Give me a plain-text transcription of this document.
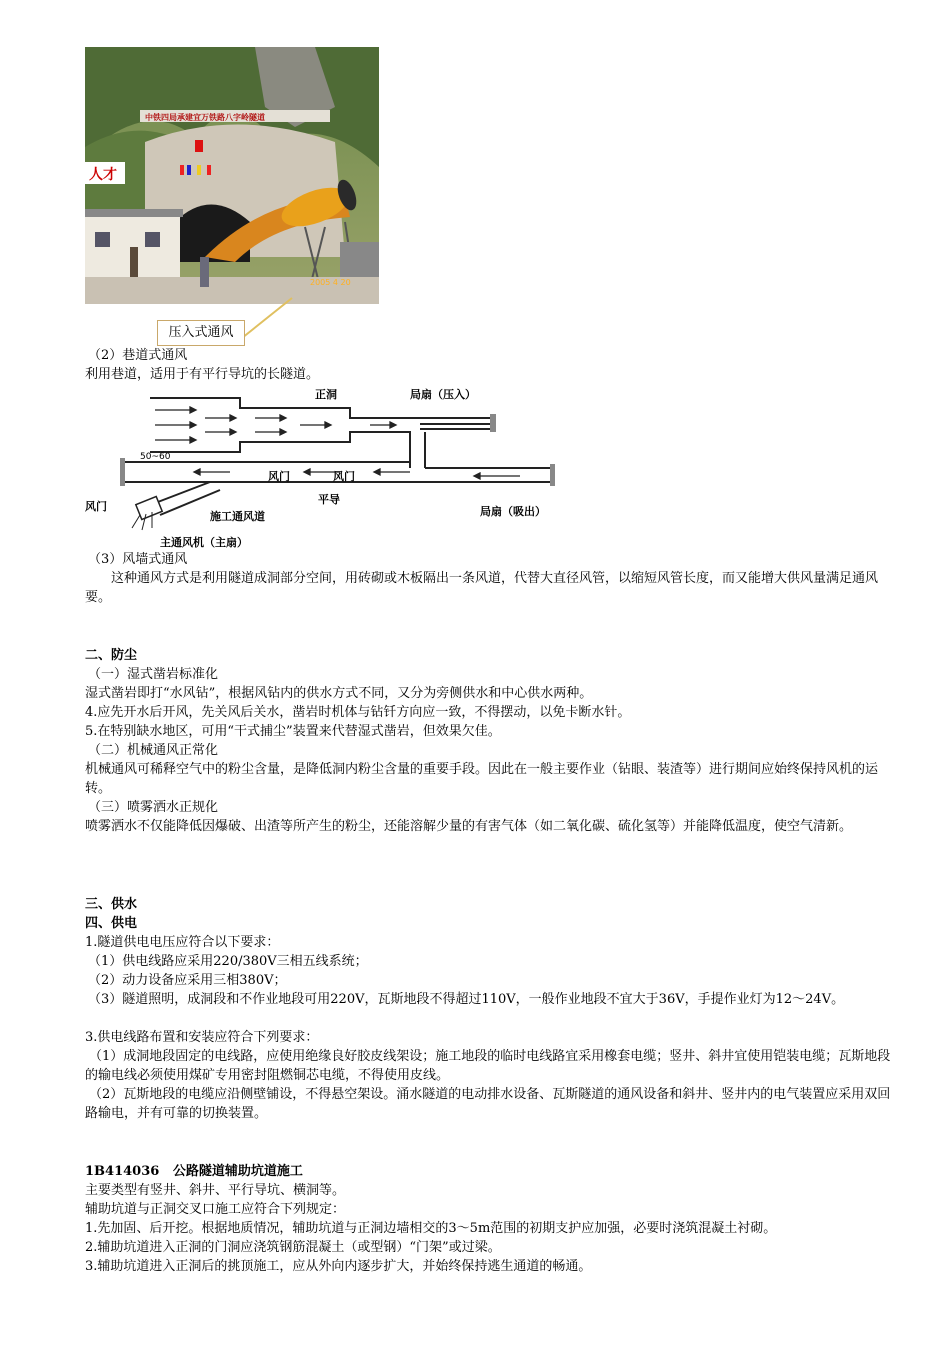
中铁四局承建宜万铁路八字岭隧道
人才
2005 4 20
压入式通风
（2）巷道式通风
利用巷道，适用于有平行导坑的长隧道。
正洞	局扇（压入）
50~60
风门	风门
风门
平导
施工通风道	局扇（吸出）
主通风机（主扇）
（3）风墙式通风
这种通风方式是利用隧道成洞部分空间，用砖砌或木板隔出一条风道，代替大直径风管，以缩短风管长度，而又能增大供风量满足通风要。
二、防尘
（一）湿式凿岩标准化
湿式凿岩即打“水风钻”，根据风钻内的供水方式不同，又分为旁侧供水和中心供水两种。
4.应先开水后开风，先关风后关水，凿岩时机体与钻钎方向应一致，不得摆动，以免卡断水针。
5.在特别缺水地区，可用“干式捕尘”装置来代替湿式凿岩，但效果欠佳。
（二）机械通风正常化
机械通风可稀释空气中的粉尘含量，是降低洞内粉尘含量的重要手段。因此在一般主要作业（钻眼、装渣等）进行期间应始终保持风机的运转。
（三）喷雾洒水正规化
喷雾洒水不仅能降低因爆破、出渣等所产生的粉尘，还能溶解少量的有害气体（如二氧化碳、硫化氢等）并能降低温度，使空气清新。
三、供水
四、供电
1.隧道供电电压应符合以下要求：
（1）供电线路应采用220/380V三相五线系统；
（2）动力设备应采用三相380V；
（3）隧道照明，成洞段和不作业地段可用220V，瓦斯地段不得超过110V，一般作业地段不宜大于36V，手提作业灯为12～24V。
3.供电线路布置和安装应符合下列要求：
（1）成洞地段固定的电线路，应使用绝缘良好胶皮线架设；施工地段的临时电线路宜采用橡套电缆；竖井、斜井宜使用铠装电缆；瓦斯地段的输电线必须使用煤矿专用密封阻燃铜芯电缆，不得使用皮线。
（2）瓦斯地段的电缆应沿侧壁铺设，不得悬空架设。涌水隧道的电动排水设备、瓦斯隧道的通风设备和斜井、竖井内的电气装置应采用双回路输电，并有可靠的切换装置。
1B414036 公路隧道辅助坑道施工
主要类型有竖井、斜井、平行导坑、横洞等。
辅助坑道与正洞交叉口施工应符合下列规定：
1.先加固、后开挖。根据地质情况，辅助坑道与正洞边墙相交的3～5m范围的初期支护应加强，必要时浇筑混凝土衬砌。
2.辅助坑道进入正洞的门洞应浇筑钢筋混凝土（或型钢）“门架”或过梁。
3.辅助坑道进入正洞后的挑顶施工，应从外向内逐步扩大，并始终保持逃生通道的畅通。
